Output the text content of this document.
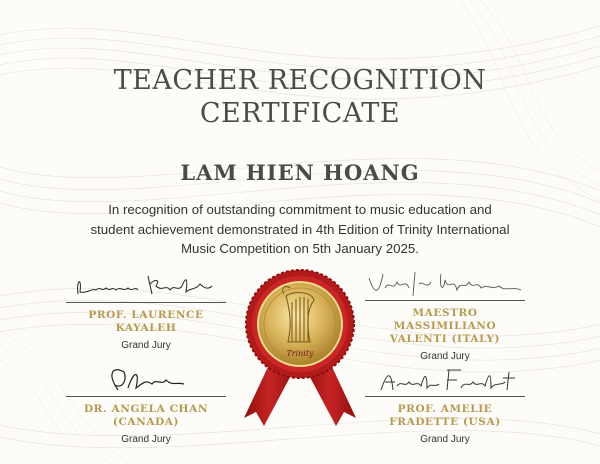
TEACHER RECOGNITION
CERTIFICATE
LAM HIEN HOANG
In recognition of outstanding commitment to music education and
student achievement demonstrated in 4th Edition of Trinity International
Music Competition on 5th January 2025.
PROF. LAURENCE
KAYALEH
Grand Jury
MAESTRO
MASSIMILIANO
VALENTI (ITALY)
Grand Jury
DR. ANGELA CHAN
(CANADA)
Grand Jury
PROF. AMELIE
FRADETTE (USA)
Grand Jury
Trinity
